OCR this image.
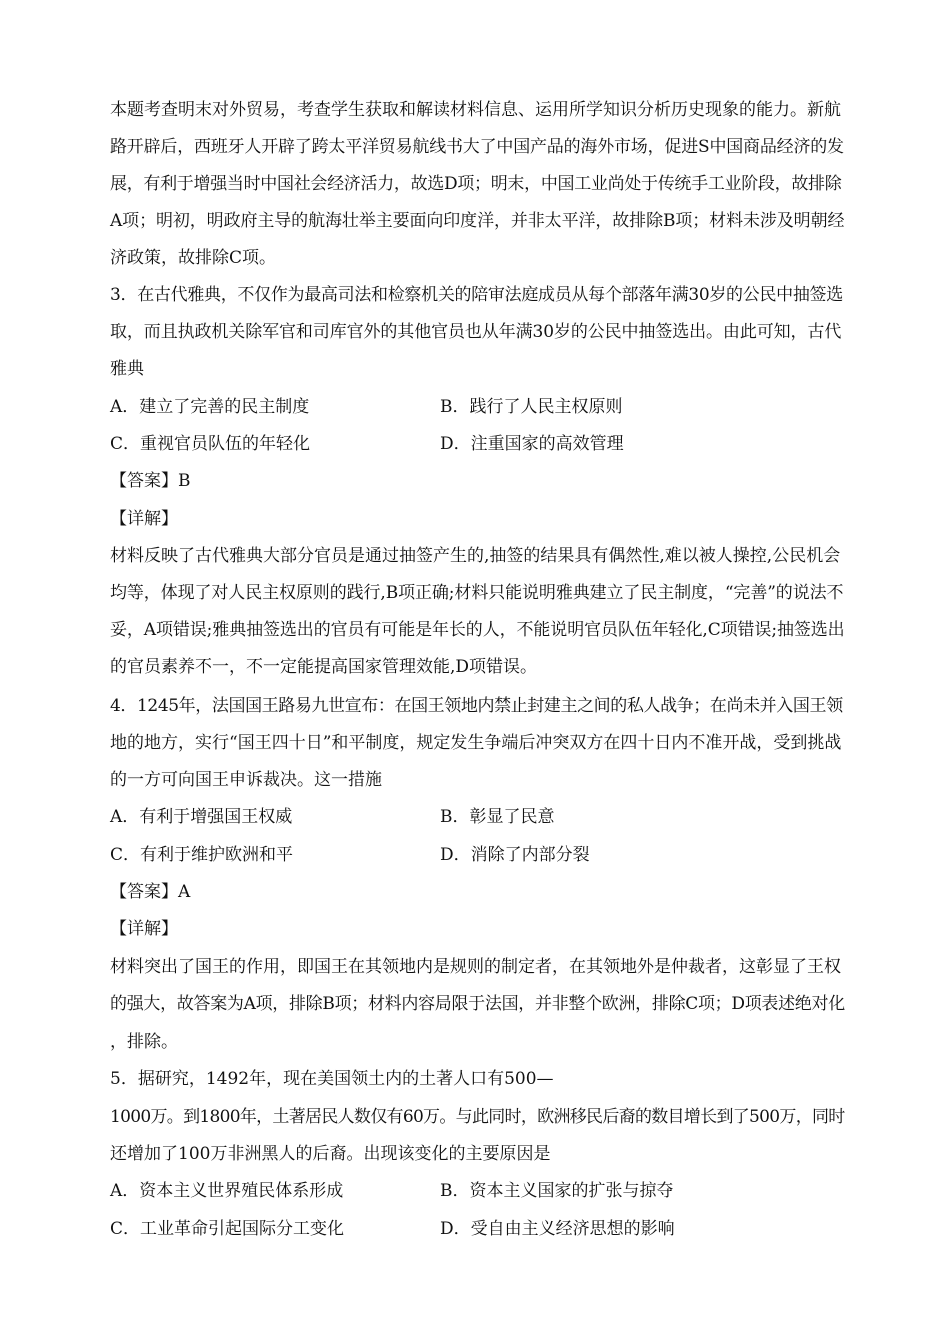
本题考查明末对外贸易，考查学生获取和解读材料信息、运用所学知识分析历史现象的能力。新航
路开辟后，西班牙人开辟了跨太平洋贸易航线书大了中国产品的海外市场，促进S中国商品经济的发
展，有利于增强当时中国社会经济活力，故选D项；明末，中国工业尚处于传统手工业阶段，故排除
A项；明初，明政府主导的航海壮举主要面向印度洋，并非太平洋，故排除B项；材料未涉及明朝经
济政策，故排除C项。
3．在古代雅典，不仅作为最高司法和检察机关的陪审法庭成员从每个部落年满30岁的公民中抽签选
取，而且执政机关除军官和司库官外的其他官员也从年满30岁的公民中抽签选出。由此可知，古代
雅典
A．建立了完善的民主制度	B．践行了人民主权原则
C．重视官员队伍的年轻化	D．注重国家的高效管理
【答案】B
【详解】
材料反映了古代雅典大部分官员是通过抽签产生的,抽签的结果具有偶然性,难以被人操控,公民机会
均等，体现了对人民主权原则的践行,B项正确;材料只能说明雅典建立了民主制度，“完善”的说法不
妥，A项错误;雅典抽签选出的官员有可能是年长的人，不能说明官员队伍年轻化,C项错误;抽签选出
的官员素养不一，不一定能提高国家管理效能,D项错误。
4．1245年，法国国王路易九世宣布：在国王领地内禁止封建主之间的私人战争；在尚未并入国王领
地的地方，实行“国王四十日”和平制度，规定发生争端后冲突双方在四十日内不准开战，受到挑战
的一方可向国王申诉裁决。这一措施
A．有利于增强国王权威	B．彰显了民意
C．有利于维护欧洲和平	D．消除了内部分裂
【答案】A
【详解】
材料突出了国王的作用，即国王在其领地内是规则的制定者，在其领地外是仲裁者，这彰显了王权
的强大，故答案为A项，排除B项；材料内容局限于法国，并非整个欧洲，排除C项；D项表述绝对化
，排除。
5．据研究，1492年，现在美国领土内的土著人口有500—
1000万。到1800年，土著居民人数仅有60万。与此同时，欧洲移民后裔的数目增长到了500万，同时
还增加了100万非洲黑人的后裔。出现该变化的主要原因是
A．资本主义世界殖民体系形成	B．资本主义国家的扩张与掠夺
C．工业革命引起国际分工变化	D．受自由主义经济思想的影响
